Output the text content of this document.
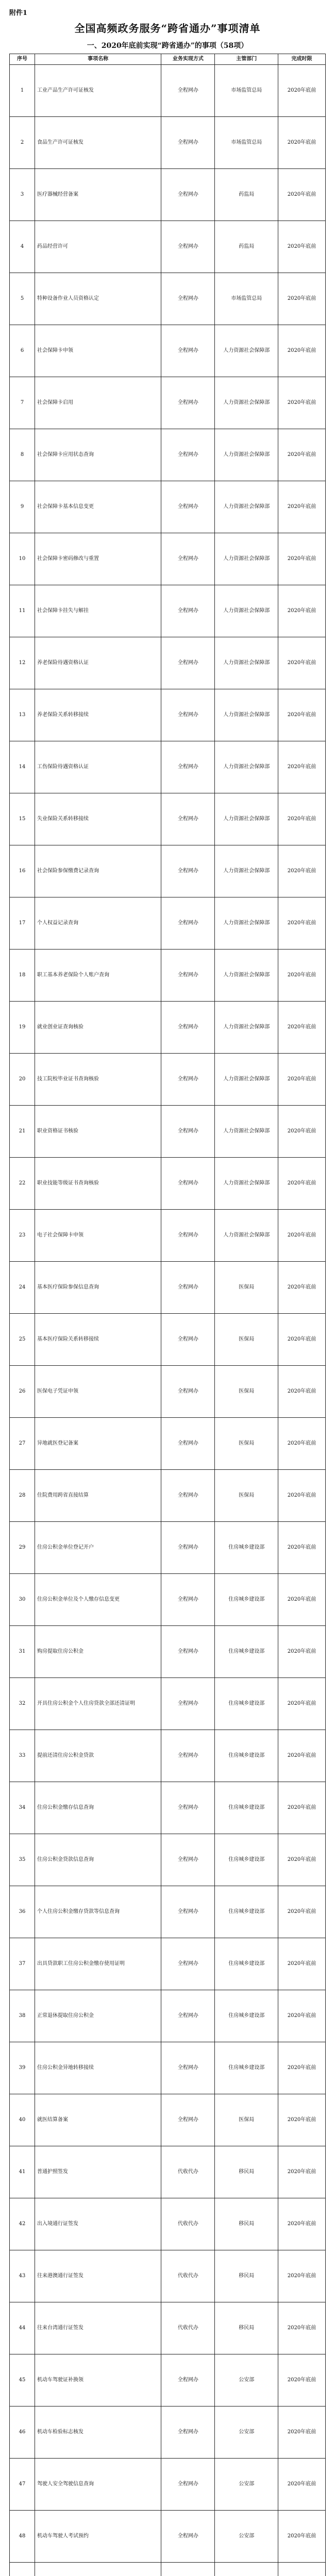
附件1
全国高频政务服务“跨省通办”事项清单
一、2020年底前实现“跨省通办”的事项（58项）
序号	事项名称	业务实现方式	主管部门	完成时限
1	工业产品生产许可证核发	全程网办	市场监管总局	2020年底前
2	食品生产许可证核发	全程网办	市场监管总局	2020年底前
3	医疗器械经营备案	全程网办	药监局	2020年底前
4	药品经营许可	全程网办	药监局	2020年底前
5	特种设备作业人员资格认定	全程网办	市场监管总局	2020年底前
6	社会保障卡申领	全程网办	人力资源社会保障部	2020年底前
7	社会保障卡启用	全程网办	人力资源社会保障部	2020年底前
8	社会保障卡应用状态查询	全程网办	人力资源社会保障部	2020年底前
9	社会保障卡基本信息变更	全程网办	人力资源社会保障部	2020年底前
10	社会保障卡密码修改与重置	全程网办	人力资源社会保障部	2020年底前
11	社会保障卡挂失与解挂	全程网办	人力资源社会保障部	2020年底前
12	养老保险待遇资格认证	全程网办	人力资源社会保障部	2020年底前
13	养老保险关系转移接续	全程网办	人力资源社会保障部	2020年底前
14	工伤保险待遇资格认证	全程网办	人力资源社会保障部	2020年底前
15	失业保险关系转移接续	全程网办	人力资源社会保障部	2020年底前
16	社会保险参保缴费记录查询	全程网办	人力资源社会保障部	2020年底前
17	个人权益记录查询	全程网办	人力资源社会保障部	2020年底前
18	职工基本养老保险个人账户查询	全程网办	人力资源社会保障部	2020年底前
19	就业创业证查询核验	全程网办	人力资源社会保障部	2020年底前
20	技工院校毕业证书查询核验	全程网办	人力资源社会保障部	2020年底前
21	职业资格证书核验	全程网办	人力资源社会保障部	2020年底前
22	职业技能等级证书查询核验	全程网办	人力资源社会保障部	2020年底前
23	电子社会保障卡申领	全程网办	人力资源社会保障部	2020年底前
24	基本医疗保险参保信息查询	全程网办	医保局	2020年底前
25	基本医疗保险关系转移接续	全程网办	医保局	2020年底前
26	医保电子凭证申领	全程网办	医保局	2020年底前
27	异地就医登记备案	全程网办	医保局	2020年底前
28	住院费用跨省直接结算	全程网办	医保局	2020年底前
29	住房公积金单位登记开户	全程网办	住房城乡建设部	2020年底前
30	住房公积金单位及个人缴存信息变更	全程网办	住房城乡建设部	2020年底前
31	购房提取住房公积金	全程网办	住房城乡建设部	2020年底前
32	开具住房公积金个人住房贷款全部还清证明	全程网办	住房城乡建设部	2020年底前
33	提前还清住房公积金贷款	全程网办	住房城乡建设部	2020年底前
34	住房公积金缴存信息查询	全程网办	住房城乡建设部	2020年底前
35	住房公积金贷款信息查询	全程网办	住房城乡建设部	2020年底前
36	个人住房公积金缴存贷款等信息查询	全程网办	住房城乡建设部	2020年底前
37	出具贷款职工住房公积金缴存使用证明	全程网办	住房城乡建设部	2020年底前
38	正常退休提取住房公积金	全程网办	住房城乡建设部	2020年底前
39	住房公积金异地转移接续	全程网办	住房城乡建设部	2020年底前
40	就医结算备案	全程网办	医保局	2020年底前
41	普通护照签发	代收代办	移民局	2020年底前
42	出入境通行证签发	代收代办	移民局	2020年底前
43	往来港澳通行证签发	代收代办	移民局	2020年底前
44	往来台湾通行证签发	代收代办	移民局	2020年底前
45	机动车驾驶证补换领	全程网办	公安部	2020年底前
46	机动车检验标志核发	全程网办	公安部	2020年底前
47	驾驶人安全驾驶信息查询	全程网办	公安部	2020年底前
48	机动车驾驶人考试预约	全程网办	公安部	2020年底前
